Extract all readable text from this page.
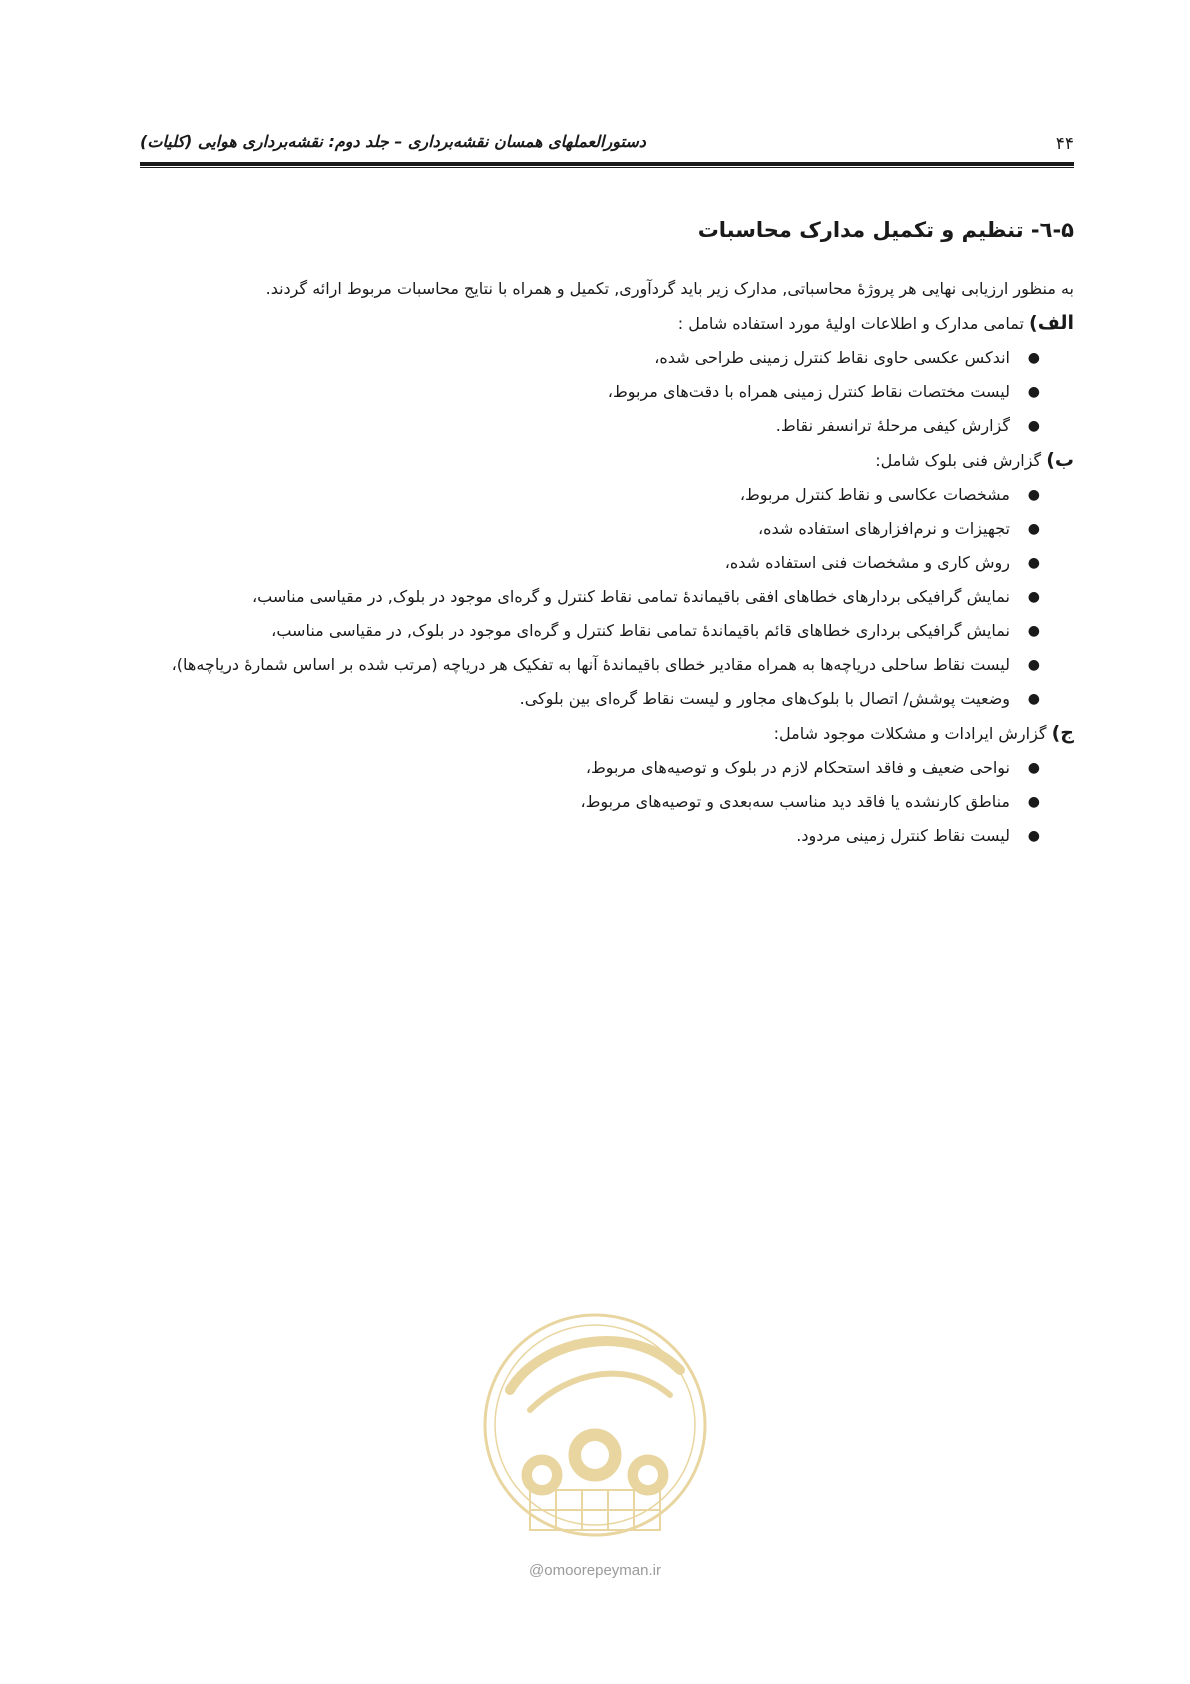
۴۴
دستورالعملهای همسان نقشه‌برداری – جلد دوم: نقشه‌برداری هوایی (کلیات)
۵-٦- تنظیم و تکمیل مدارک محاسبات

به منظور ارزیابی نهایی هر پروژۀ محاسباتی, مدارک زیر باید گردآوری, تکمیل و همراه با نتایج محاسبات مربوط ارائه گردند.

الف) تمامی مدارک و اطلاعات اولیۀ مورد استفاده شامل :

●
اندکس عکسی حاوی نقاط کنترل زمینی طراحی شده،
●
لیست مختصات نقاط کنترل زمینی همراه با دقت‌های مربوط،
●
گزارش کیفی مرحلۀ ترانسفر نقاط.

ب) گزارش فنی بلوک شامل:

●
مشخصات عکاسی و نقاط کنترل مربوط،
●
تجهیزات و نرم‌افزارهای استفاده شده،
●
روش کاری و مشخصات فنی استفاده شده،
●
نمایش گرافیکی بردارهای خطاهای افقی باقیماندۀ تمامی نقاط کنترل و گره‌ای موجود در بلوک, در مقیاسی مناسب،
●
نمایش گرافیکی برداری خطاهای قائم باقیماندۀ تمامی نقاط کنترل و گره‌ای موجود در بلوک, در مقیاسی مناسب،
●
لیست نقاط ساحلی دریاچه‌ها به همراه مقادیر خطای باقیماندۀ آنها به تفکیک هر دریاچه (مرتب شده بر اساس شمارۀ دریاچه‌ها)،
●
وضعیت پوشش/ اتصال با بلوک‌های مجاور و لیست نقاط گره‌ای بین بلوکی.

ج) گزارش ایرادات و مشکلات موجود شامل:

●
نواحی ضعیف و فاقد استحکام لازم در بلوک و توصیه‌های مربوط،
●
مناطق کارنشده یا فاقد دید مناسب سه‌بعدی و توصیه‌های مربوط،
●
لیست نقاط کنترل زمینی مردود.
@omoorepeyman.ir
